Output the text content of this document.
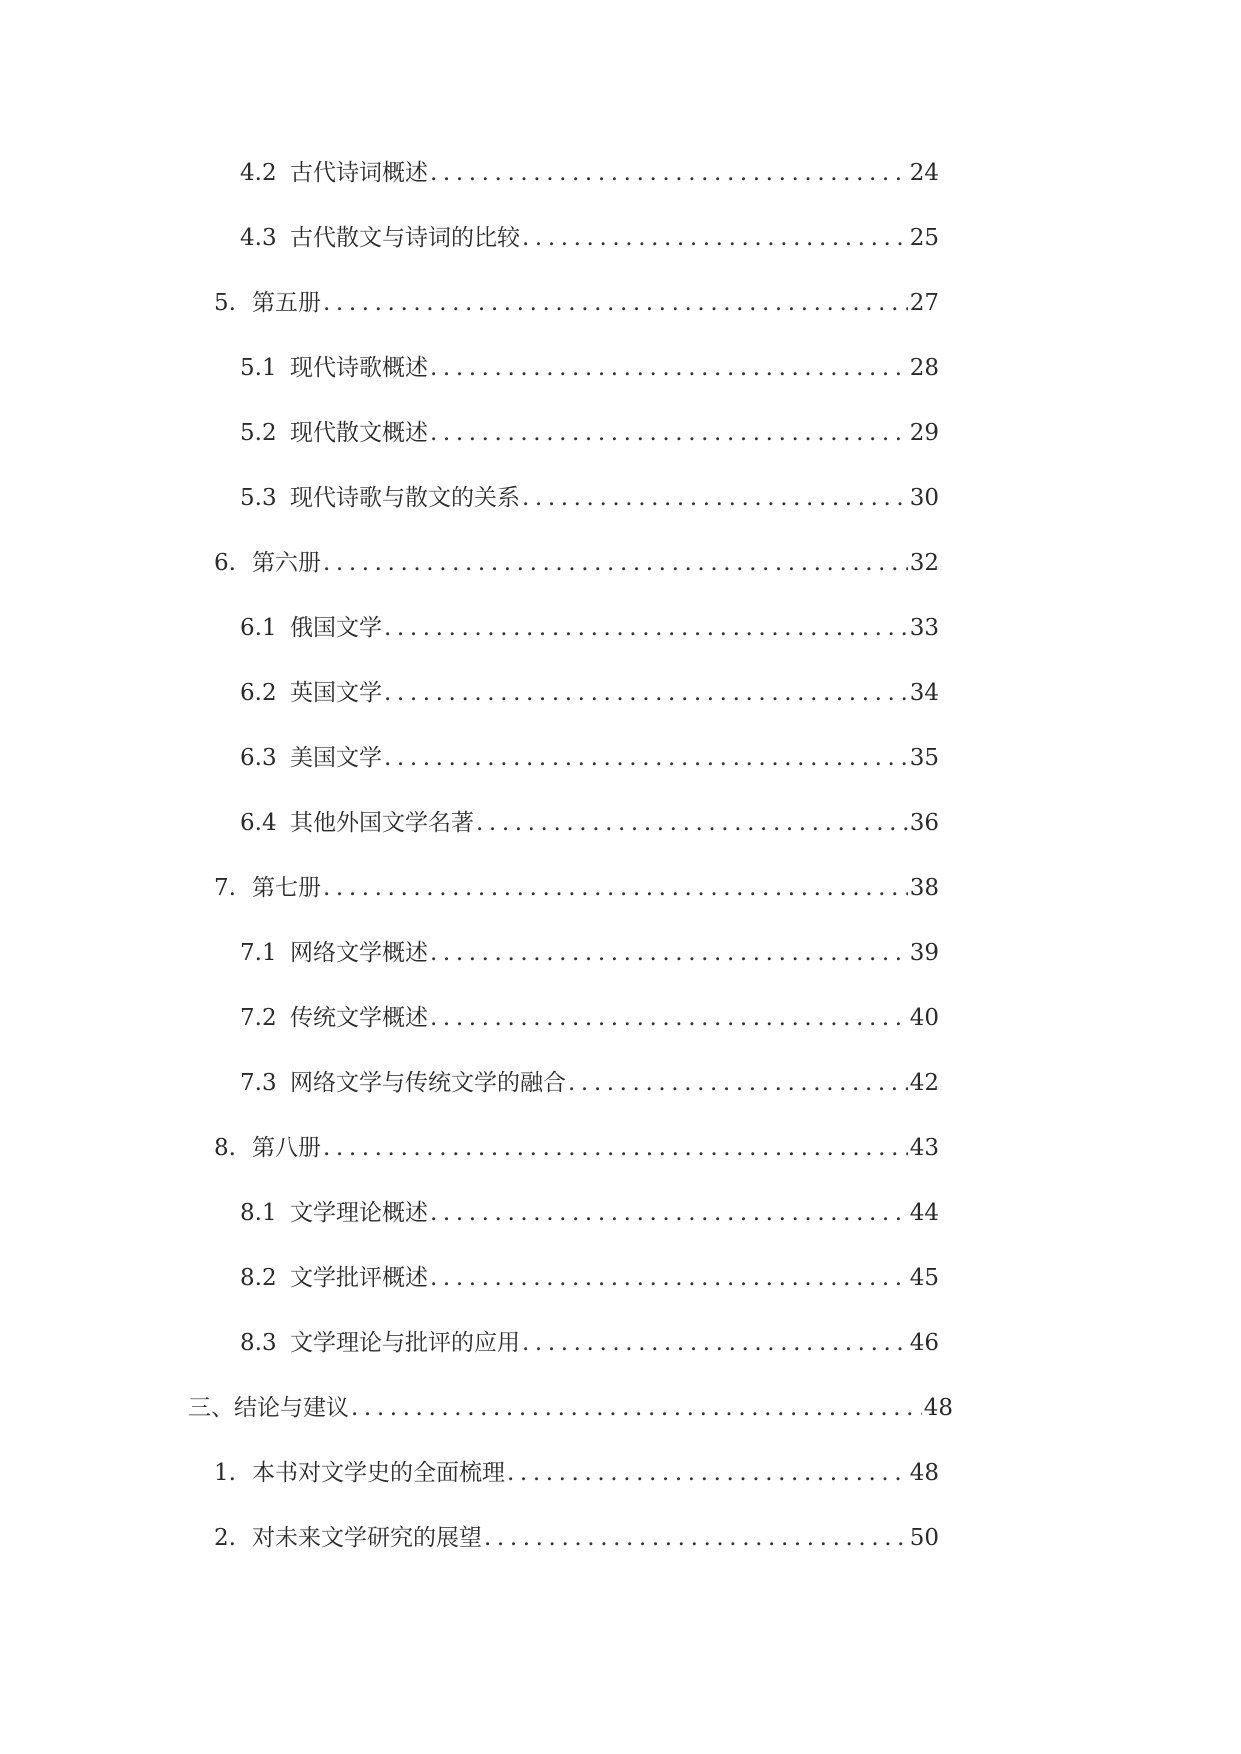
4.2 古代诗词概述 .....	24
4.3 古代散文与诗词的比较 .....	25
5. 第五册 .....	27
5.1 现代诗歌概述 .....	28
5.2 现代散文概述 .....	29
5.3 现代诗歌与散文的关系 .....	30
6. 第六册 .....	32
6.1 俄国文学 .....	33
6.2 英国文学 .....	34
6.3 美国文学 .....	35
6.4 其他外国文学名著 .....	36
7. 第七册 .....	38
7.1 网络文学概述 .....	39
7.2 传统文学概述 .....	40
7.3 网络文学与传统文学的融合 .....	42
8. 第八册 .....	43
8.1 文学理论概述 .....	44
8.2 文学批评概述 .....	45
8.3 文学理论与批评的应用 .....	46
三、 结论与建议 .....	48
1. 本书对文学史的全面梳理 .....	48
2. 对未来文学研究的展望 .....	50
